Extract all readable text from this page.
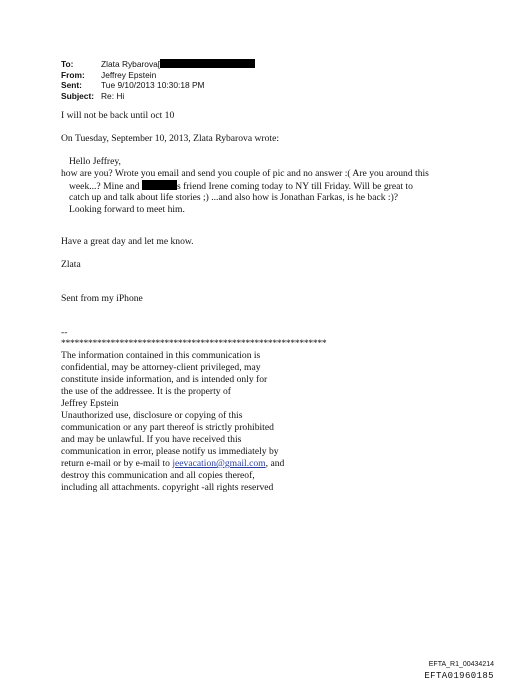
To:	Zlata Rybarova[
From:	Jeffrey Epstein
Sent:	Tue 9/10/2013 10:30:18 PM
Subject: Re: Hi
I will not be back until oct 10
On Tuesday, September 10, 2013, Zlata Rybarova wrote:
Hello Jeffrey,
how are you? Wrote you email and send you couple of pic and no answer :( Are you around this
week...? Mine and	s friend Irene coming today to NY till Friday. Will be great to
catch up and talk about life stories ;) ...and also how is Jonathan Farkas, is he back :)?
Looking forward to meet him.
Have a great day and let me know.
Zlata
Sent from my iPhone
--
***********************************************************
The information contained in this communication is
confidential, may be attorney-client privileged, may
constitute inside information, and is intended only for
the use of the addressee. It is the property of
Jeffrey Epstein
Unauthorized use, disclosure or copying of this
communication or any part thereof is strictly prohibited
and may be unlawful. If you have received this
communication in error, please notify us immediately by
return e-mail or by e-mail to jeevacation@gmail.com, and
destroy this communication and all copies thereof,
including all attachments. copyright -all rights reserved
EFTA_R1_00434214
EFTA01960185
